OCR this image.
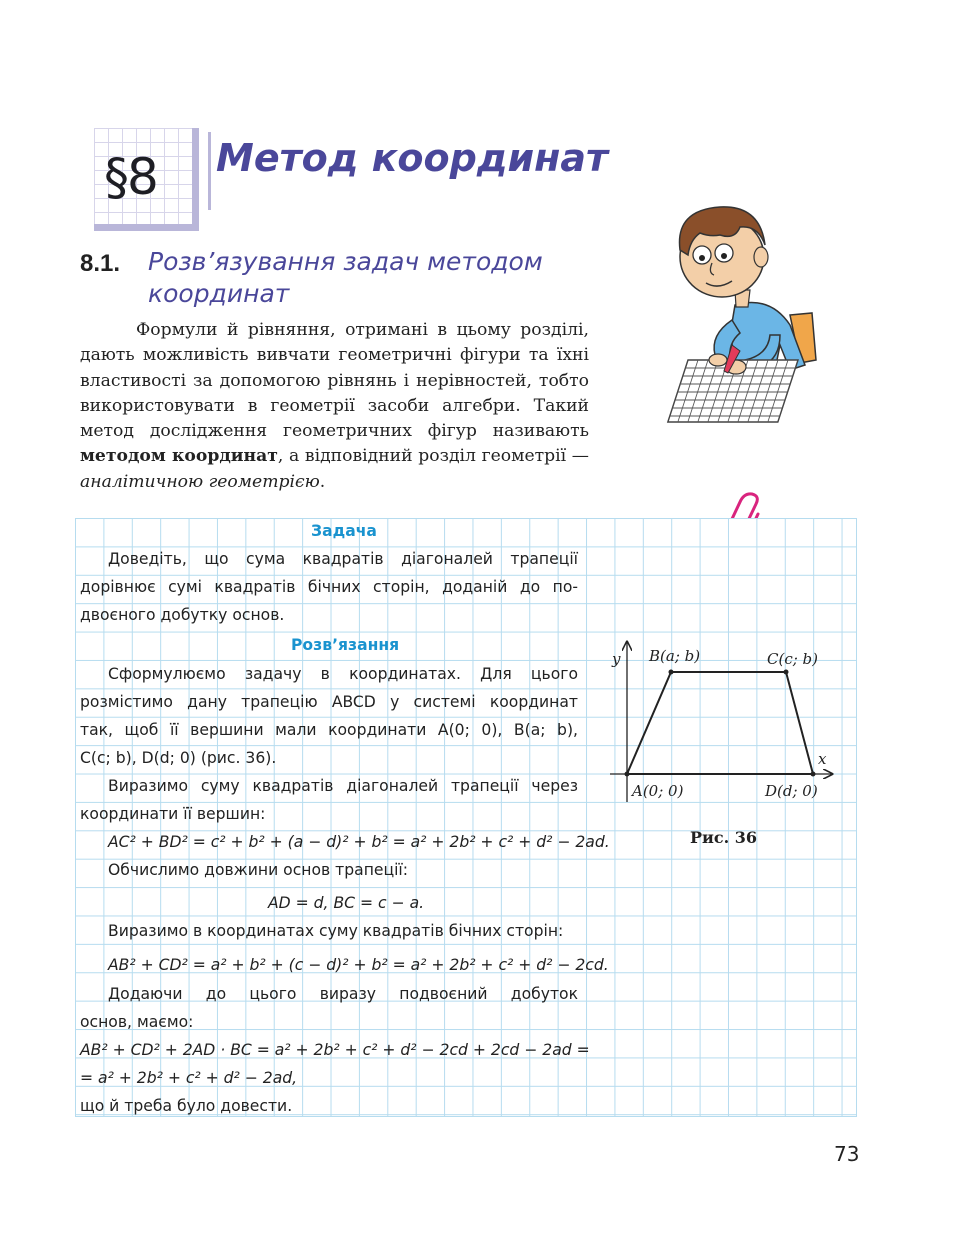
§8 Метод координат
8.1. Розв’язування задач методом координат

Формули й рівняння, отримані в цьому розділі, дають можливість вивчати геометричні фігури та їхні властивості за допомогою рівнянь і нерівностей, тобто використовувати в геометрії засоби алгебри. Такий метод дослідження геометричних фігур називають методом координат, а відповідний розділ геометрії — аналітичною геометрією.

Задача
Доведіть, що сума квадратів діагоналей трапеції
дорівнює сумі квадратів бічних сторін, доданій до по-
двоєного добутку основ.
Розв’язання
Сформулюємо задачу в координатах. Для цього
розмістимо дану трапецію ABCD у системі координат
так, щоб її вершини мали координати A(0; 0), B(a; b),
C(c; b), D(d; 0) (рис. 36).
Виразимо суму квадратів діагоналей трапеції через
координати її вершин:
AC² + BD² = c² + b² + (a − d)² + b² = a² + 2b² + c² + d² − 2ad.
Обчислимо довжини основ трапеції:
AD = d, BC = c − a.
Виразимо в координатах суму квадратів бічних сторін:
AB² + CD² = a² + b² + (c − d)² + b² = a² + 2b² + c² + d² − 2cd.
Додаючи до цього виразу подвоєний добуток
основ, маємо:
AB² + CD² + 2AD · BC = a² + 2b² + c² + d² − 2cd + 2cd − 2ad =
= a² + 2b² + c² + d² − 2ad,
що й треба було довести.
y
x
B(a; b)	C(c; b)
A(0; 0)	D(d; 0)
Рис. 36
73
